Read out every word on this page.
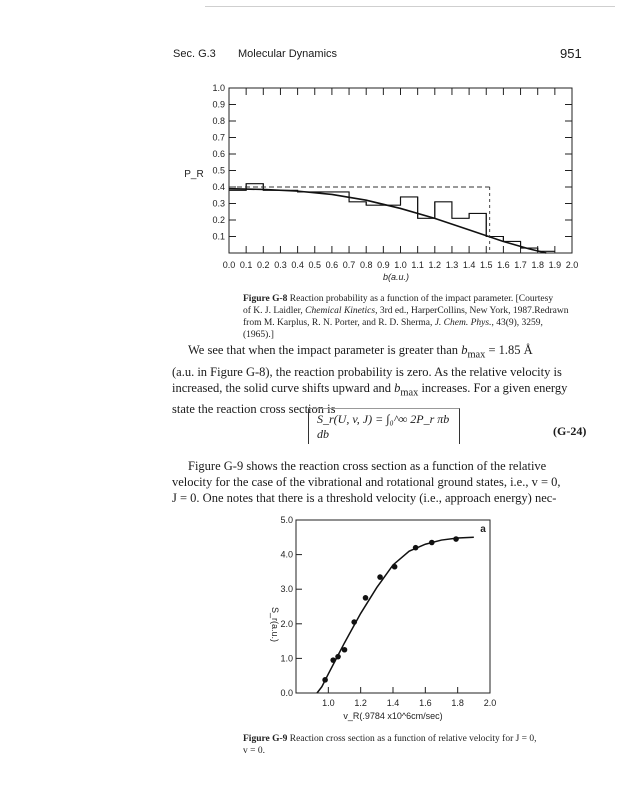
Sec. G.3 Molecular Dynamics	951
0.0 0.1 0.2 0.3 0.4 0.5 0.6 0.7 0.8 0.9 1.0 1.1 1.2 1.3 1.4 1.5 1.6 1.7 1.8 1.9 2.0
0.1
0.2
0.3
0.4
0.5
0.6
0.7
0.8
0.9
1.0
b(a.u.)
P_R
Figure G-8 Reaction probability as a function of the impact parameter. [Courtesy
of K. J. Laidler, Chemical Kinetics, 3rd ed., HarperCollins, New York, 1987.Redrawn
from M. Karplus, R. N. Porter, and R. D. Sherma, J. Chem. Phys., 43(9), 3259,(1965).]
We see that when the impact parameter is greater than $b_{max} = 1.85$ Å
(a.u. in Figure G-8), the reaction probability is zero. As the relative velocity is
increased, the solid curve shifts upward and $b_{max}$ increases. For a given energy
state the reaction cross section is
S_r(U, v, J) = ∫₀^∞ 2P_r πb db	(G-24)
Figure G-9 shows the reaction cross section as a function of the relative
velocity for the case of the vibrational and rotational ground states, i.e., v = 0,
J = 0. One notes that there is a threshold velocity (i.e., approach energy) nec-
a
1.0 1.2 1.4 1.6 1.8 2.0
0.0
1.0
2.0
3.0
4.0
5.0
v_R(.9784 x10^6cm/sec)
S_r(a.u.)
Figure G-9 Reaction cross section as a function of relative velocity for J = 0,
v = 0.
